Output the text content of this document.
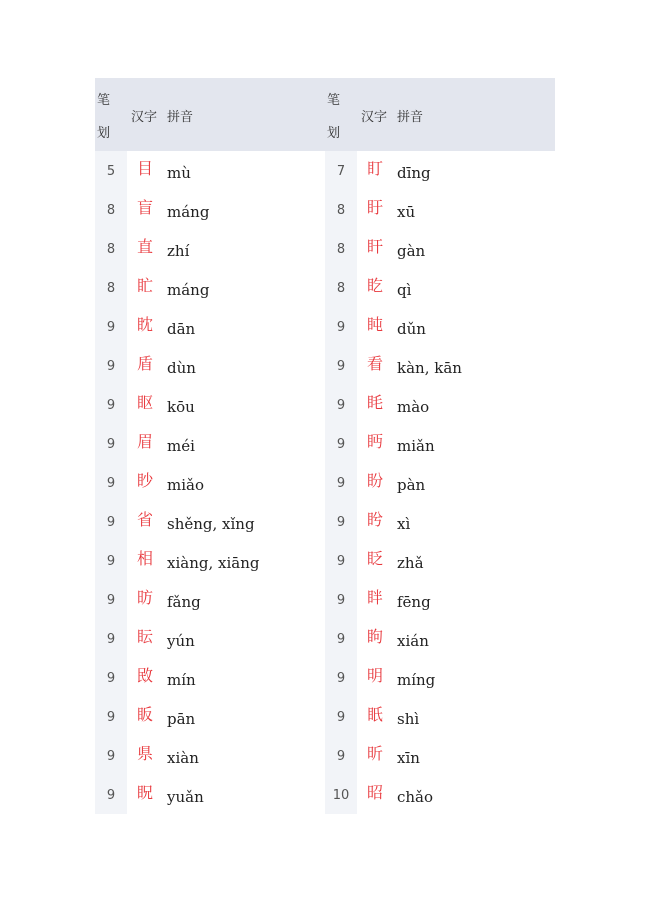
笔
划
汉字 拼音
5	目 mù
8	盲 máng
8	直 zhí
8	盳 máng
9	眈 dān
9	盾 dùn
9	眍 kōu
9	眉 méi
9	眇 miǎo
9	省 shěng, xǐng
9	相 xiàng, xiāng
9	昉 fǎng
9	眃 yún
9	敃 mín
9	眅 pān
9	県 xiàn
9	眖 yuǎn
笔
划
汉字 拼音
7	盯 dīng
8	盱 xū
8	盰 gàn
8	盵 qì
9	盹 dǔn
9	看 kàn, kān
9	眊 mào
9	眄 miǎn
9	盼 pàn
9	盻 xì
9	眨 zhǎ
9	眫 fēng
9	眗 xián
9	明 míng
9	眂 shì
9	昕 xīn
10	昭 chǎo
